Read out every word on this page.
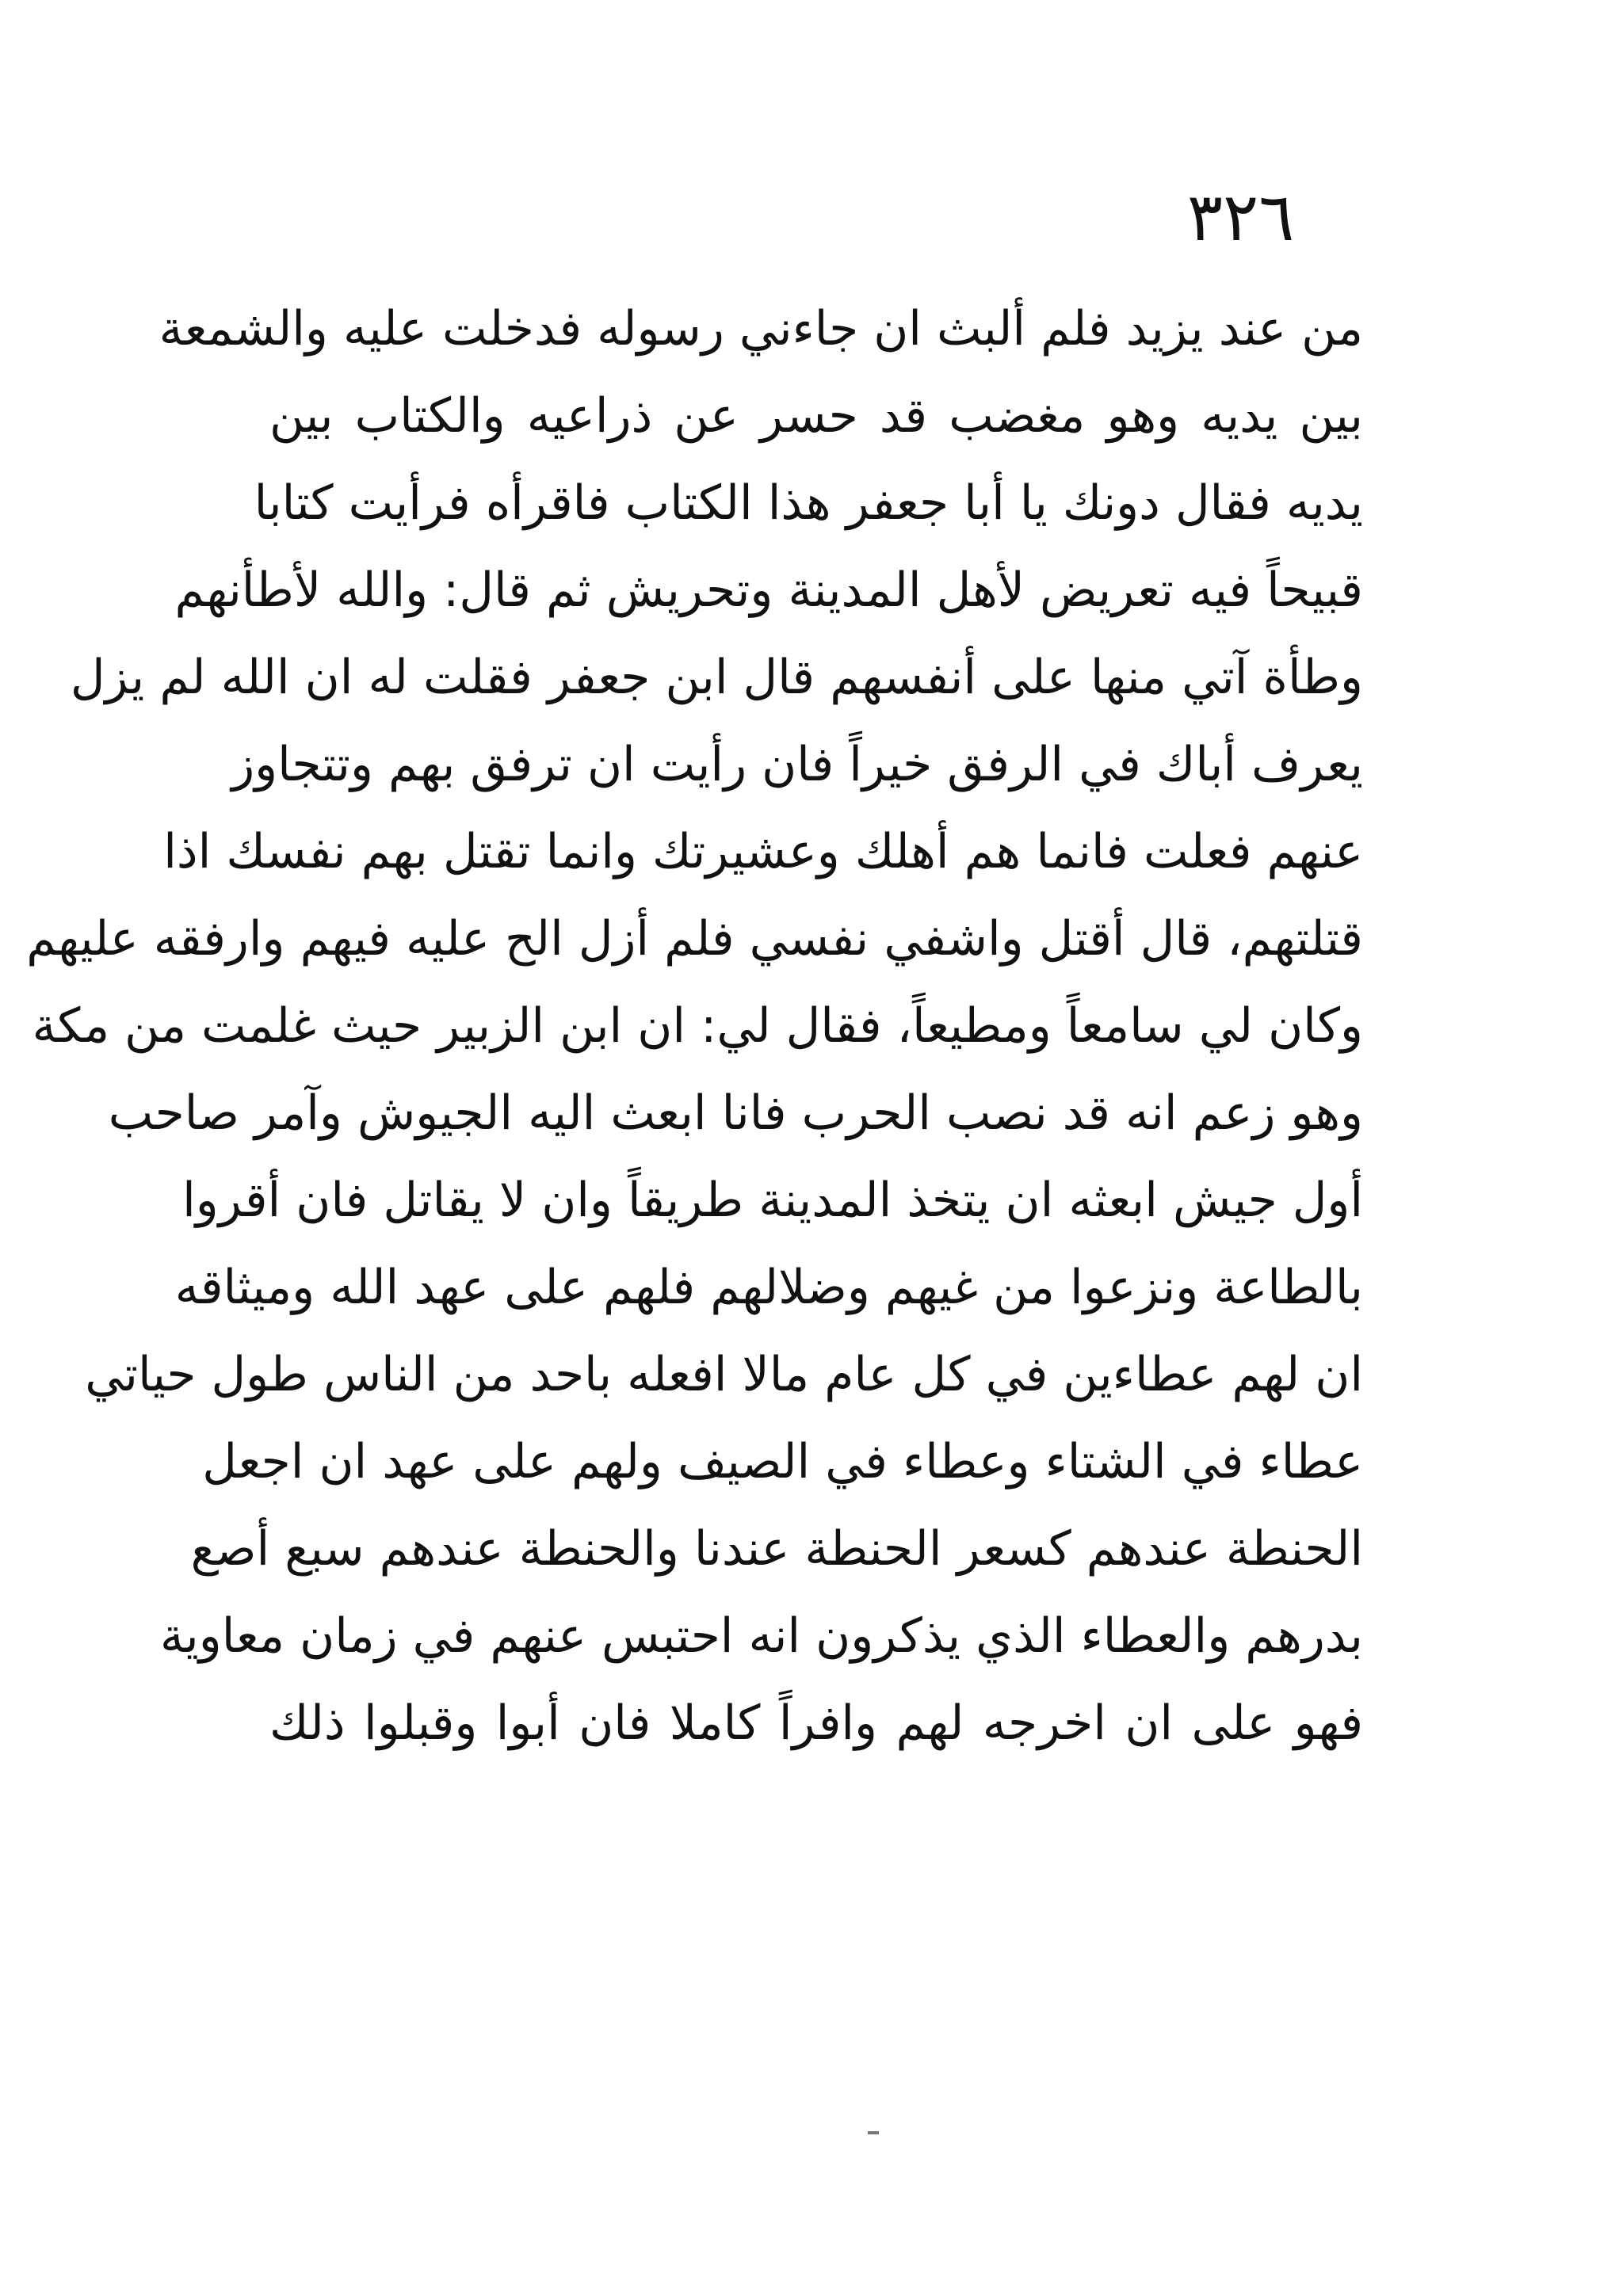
٣٢٦
من عند يزيد فلم ألبث ان جاءني رسوله فدخلت عليه والشمعة
بين يديه وهو مغضب قد حسر عن ذراعيه والكتاب بين
يديه فقال دونك يا أبا جعفر هذا الكتاب فاقرأه فرأيت كتابا
قبيحاً فيه تعريض لأهل المدينة وتحريش ثم قال: والله لأطأنهم
وطأة آتي منها على أنفسهم قال ابن جعفر فقلت له ان الله لم يزل
يعرف أباك في الرفق خيراً فان رأيت ان ترفق بهم وتتجاوز
عنهم فعلت فانما هم أهلك وعشيرتك وانما تقتل بهم نفسك اذا
قتلتهم، قال أقتل واشفي نفسي فلم أزل الح عليه فيهم وارفقه عليهم
وكان لي سامعاً ومطيعاً، فقال لي: ان ابن الزبير حيث غلمت من مكة
وهو زعم انه قد نصب الحرب فانا ابعث اليه الجيوش وآمر صاحب
أول جيش ابعثه ان يتخذ المدينة طريقاً وان لا يقاتل فان أقروا
بالطاعة ونزعوا من غيهم وضلالهم فلهم على عهد الله وميثاقه
ان لهم عطاءين في كل عام مالا افعله باحد من الناس طول حياتي
عطاء في الشتاء وعطاء في الصيف ولهم على عهد ان اجعل
الحنطة عندهم كسعر الحنطة عندنا والحنطة عندهم سبع أصع
بدرهم والعطاء الذي يذكرون انه احتبس عنهم في زمان معاوية
فهو على ان اخرجه لهم وافراً كاملا فان أبوا وقبلوا ذلك
